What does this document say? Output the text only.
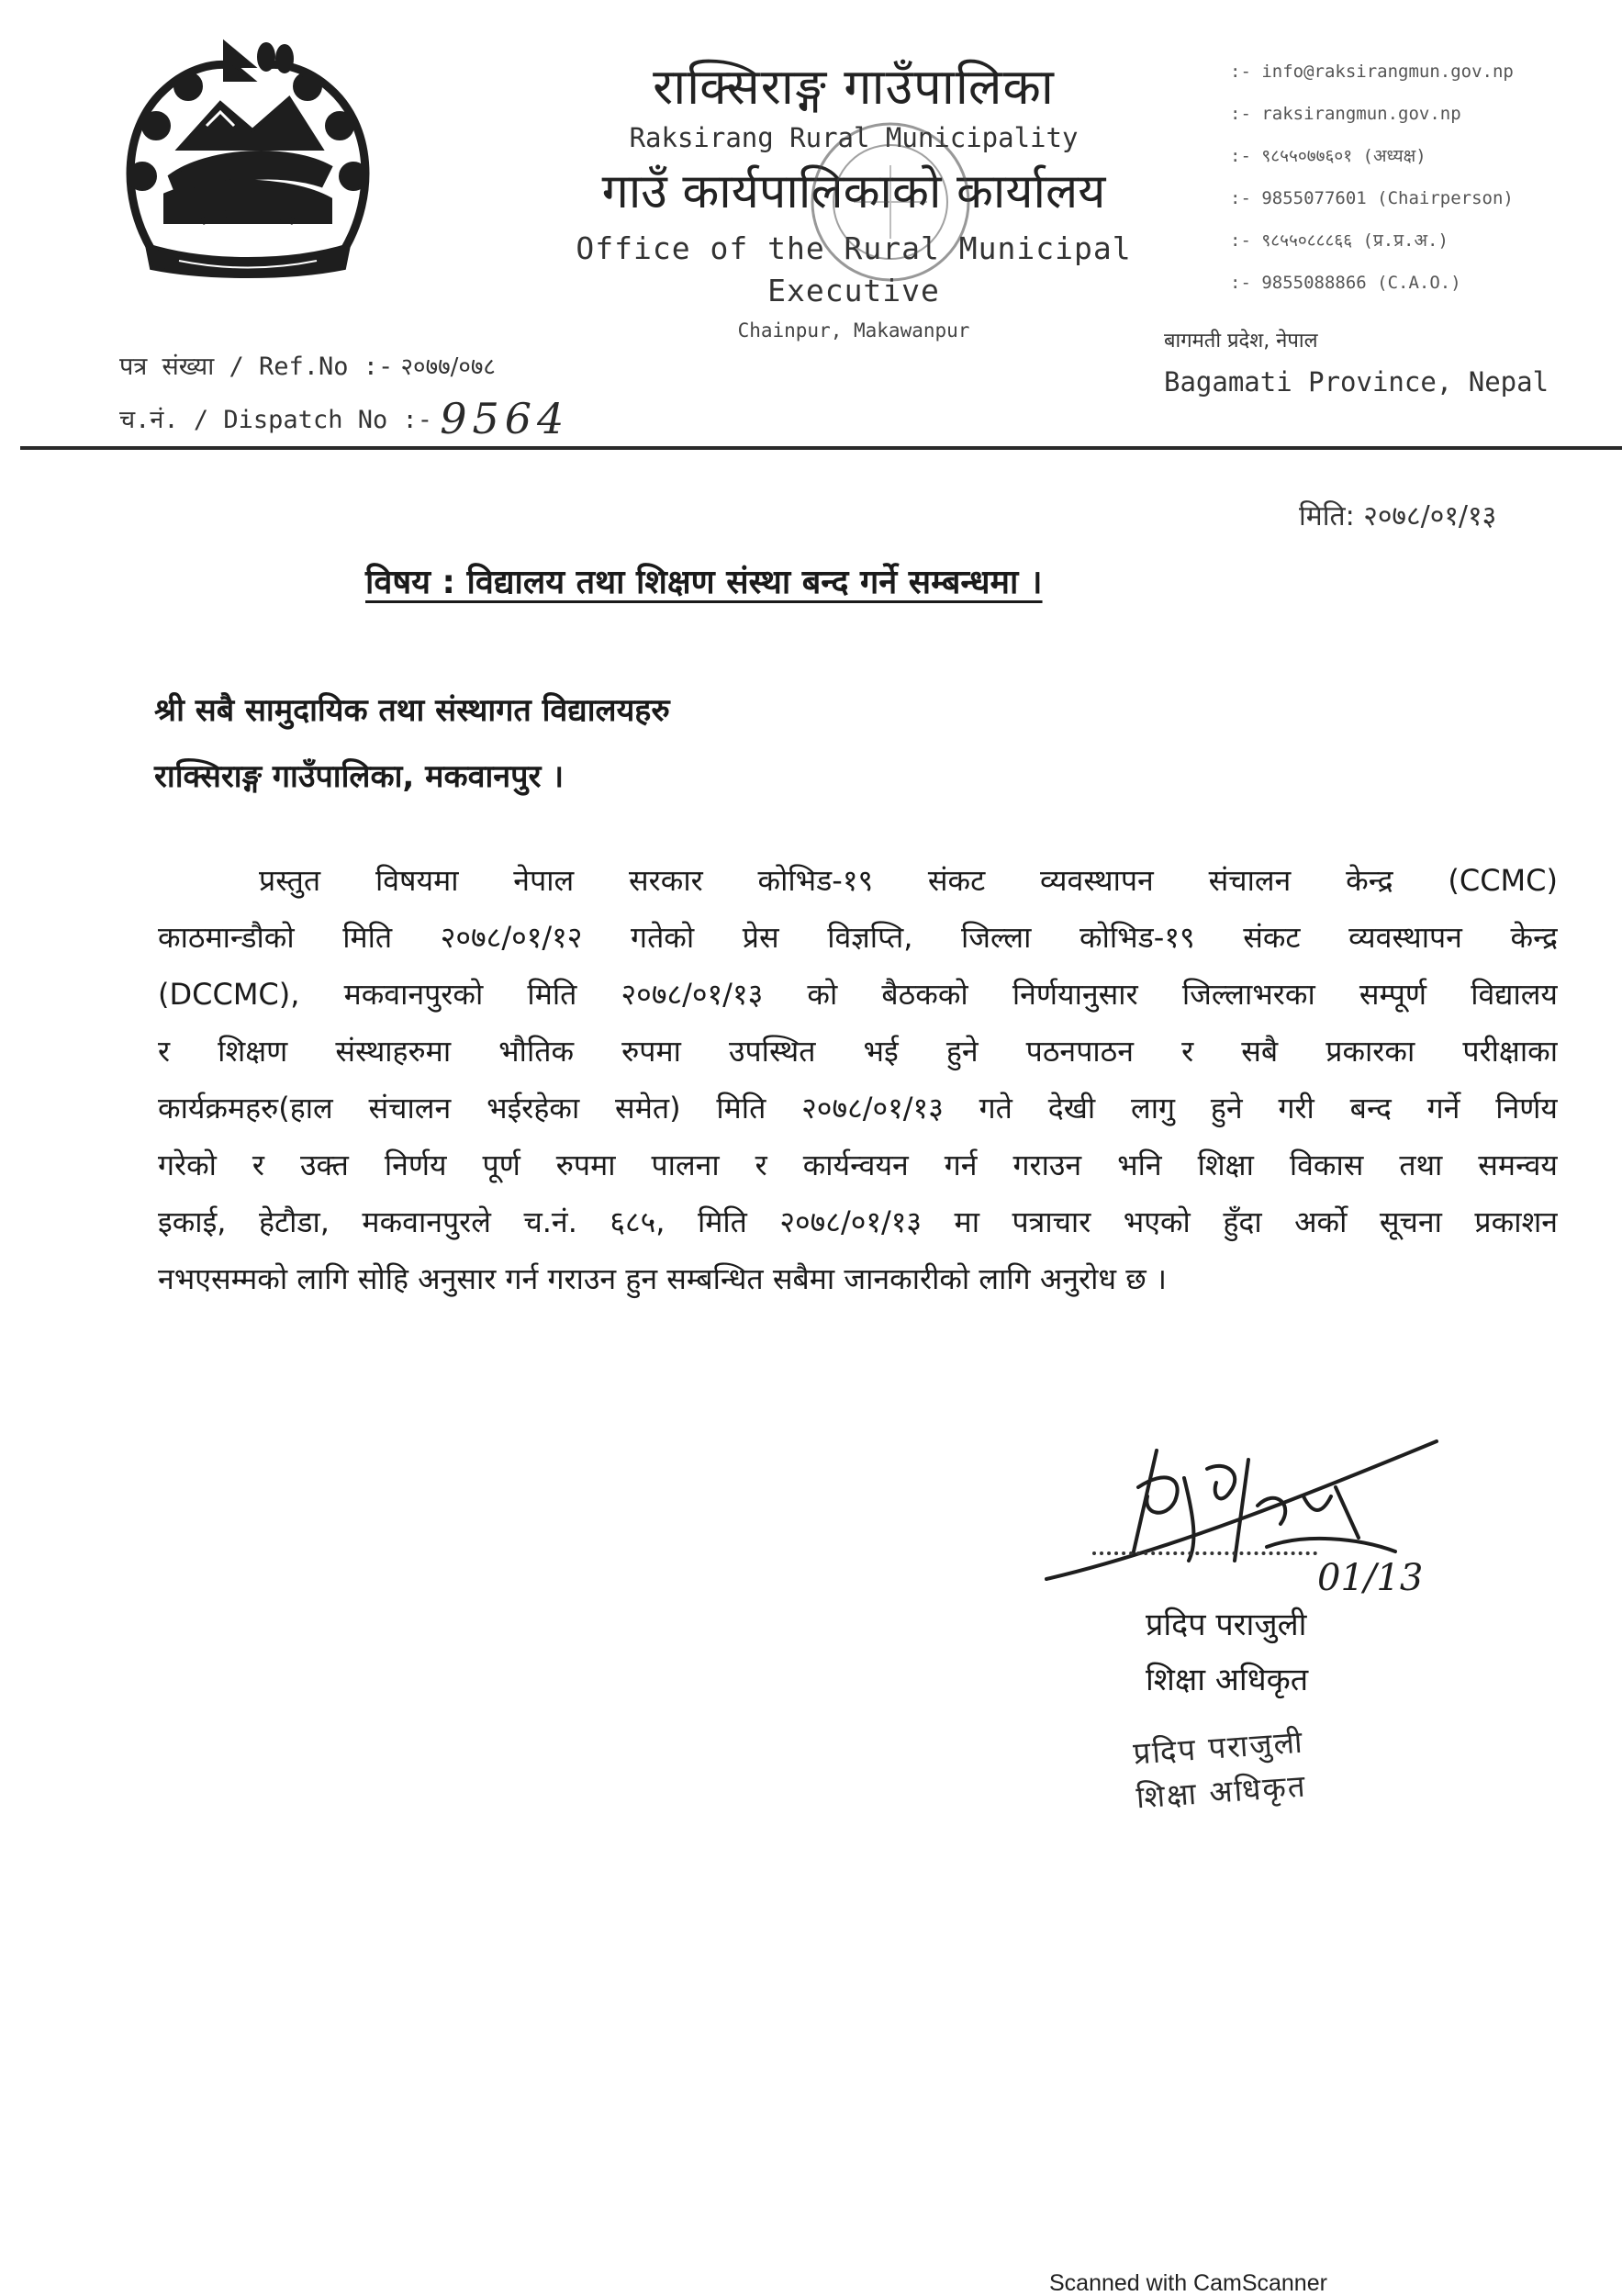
राक्सिराङ्ग गाउँपालिका
Raksirang Rural Municipality
गाउँ कार्यपालिकाको कार्यालय
Office of the Rural Municipal Executive
Chainpur, Makawanpur
:- info@raksirangmun.gov.np
:- raksirangmun.gov.np
:- ९८५५०७७६०१ (अध्यक्ष)
:- 9855077601 (Chairperson)
:- ९८५५०८८८६६ (प्र.प्र.अ.)
:- 9855088866 (C.A.O.)
बागमती प्रदेश, नेपाल
Bagamati Province, Nepal
पत्र संख्या / Ref.No :- २०७७/०७८
च.नं. / Dispatch No :- 9564
मिति: २०७८/०१/१३
विषय : विद्यालय तथा शिक्षण संस्था बन्द गर्ने सम्बन्धमा ।
श्री सबै सामुदायिक तथा संस्थागत विद्यालयहरु
राक्सिराङ्ग गाउँपालिका, मकवानपुर ।
प्रस्तुत विषयमा नेपाल सरकार कोभिड-१९ संकट व्यवस्थापन संचालन केन्द्र (CCMC)
काठमान्डौको मिति २०७८/०१/१२ गतेको प्रेस विज्ञप्ति, जिल्ला कोभिड-१९ संकट व्यवस्थापन केन्द्र
(DCCMC), मकवानपुरको मिति २०७८/०१/१३ को बैठकको निर्णयानुसार जिल्लाभरका सम्पूर्ण विद्यालय
र शिक्षण संस्थाहरुमा भौतिक रुपमा उपस्थित भई हुने पठनपाठन र सबै प्रकारका परीक्षाका
कार्यक्रमहरु(हाल संचालन भईरहेका समेत) मिति २०७८/०१/१३ गते देखी लागु हुने गरी बन्द गर्ने निर्णय
गरेको र उक्त निर्णय पूर्ण रुपमा पालना र कार्यन्वयन गर्न गराउन भनि शिक्षा विकास तथा समन्वय
इकाई, हेटौडा, मकवानपुरले च.नं. ६८५, मिति २०७८/०१/१३ मा पत्राचार भएको हुँदा अर्को सूचना प्रकाशन
नभएसम्मको लागि सोहि अनुसार गर्न गराउन हुन सम्बन्धित सबैमा जानकारीको लागि अनुरोध छ ।
01/13
प्रदिप पराजुली
शिक्षा अधिकृत
प्रदिप पराजुली
शिक्षा अधिकृत
Scanned with CamScanner
